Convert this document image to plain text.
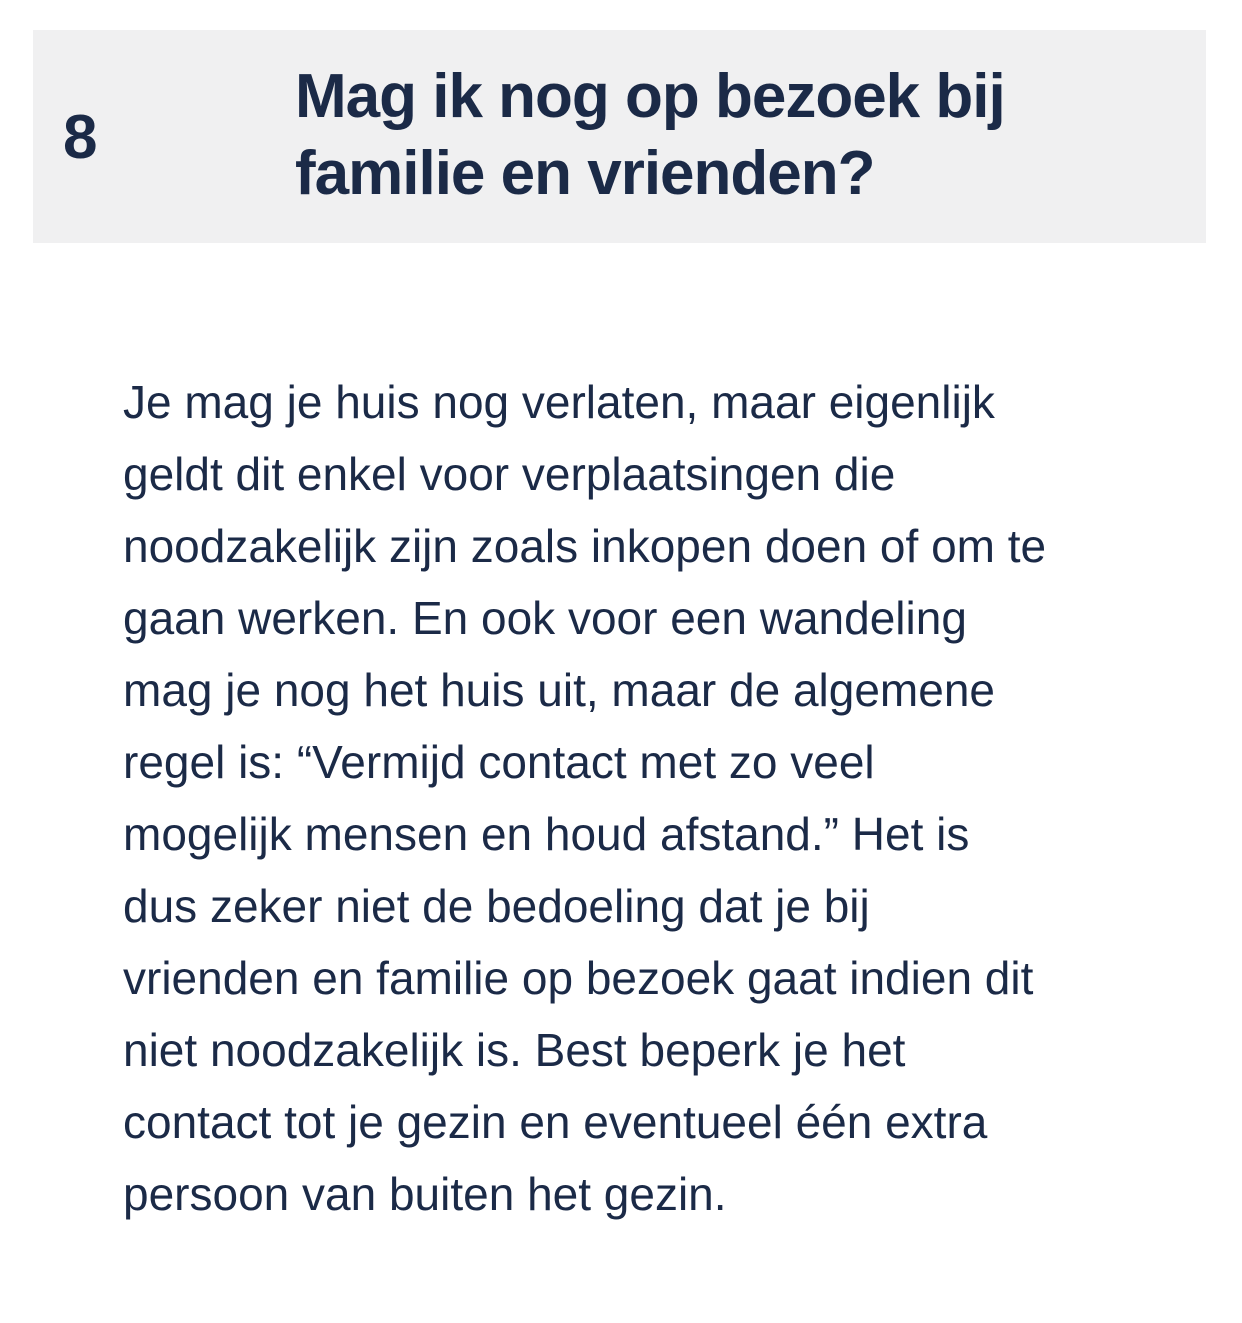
8
Mag ik nog op bezoek bij
familie en vrienden?

Je mag je huis nog verlaten, maar eigenlijk
geldt dit enkel voor verplaatsingen die
noodzakelijk zijn zoals inkopen doen of om te
gaan werken. En ook voor een wandeling
mag je nog het huis uit, maar de algemene
regel is: “Vermijd contact met zo veel
mogelijk mensen en houd afstand.” Het is
dus zeker niet de bedoeling dat je bij
vrienden en familie op bezoek gaat indien dit
niet noodzakelijk is. Best beperk je het
contact tot je gezin en eventueel één extra
persoon van buiten het gezin.
